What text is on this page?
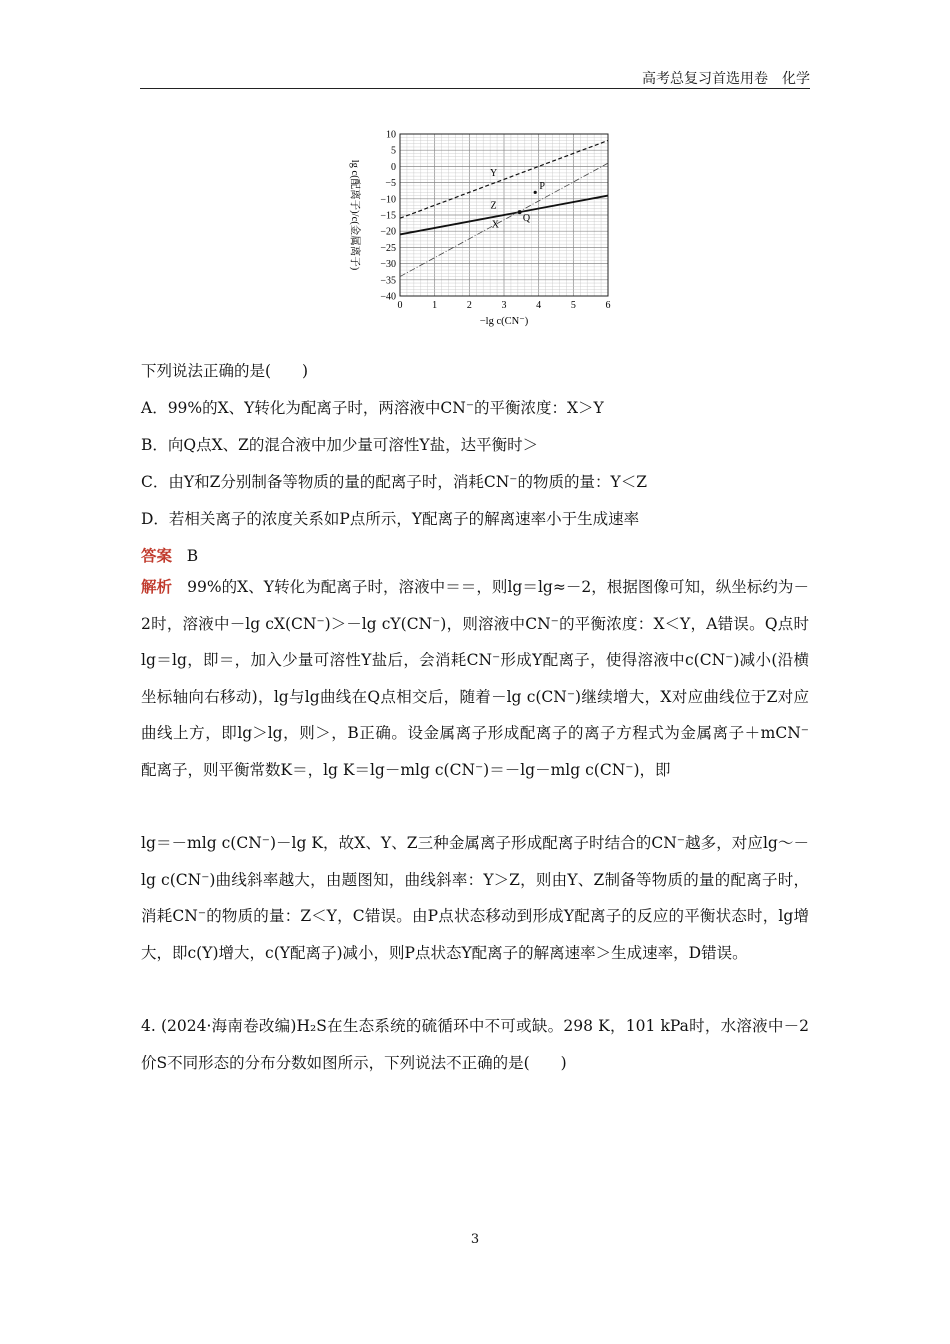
高考总复习首选用卷　化学
0	1	2	3	4	5	6
10
5
0
−5
−10
−15
−20
−25
−30
−35
−40
−lg c(CN⁻)
lg c(配离子)/c(金属离子)	Y
P
Z
Q
X
下列说法正确的是(　　)
A．99%的X、Y转化为配离子时，两溶液中CN⁻的平衡浓度：X＞Y
B．向Q点X、Z的混合液中加少量可溶性Y盐，达平衡时＞
C．由Y和Z分别制备等物质的量的配离子时，消耗CN⁻的物质的量：Y＜Z
D．若相关离子的浓度关系如P点所示，Y配离子的解离速率小于生成速率
答案 B
解析 99%的X、Y转化为配离子时，溶液中＝＝，则lg＝lg≈－2，根据图像可知，纵坐标约为－2时，溶液中－lg cX(CN⁻)＞－lg cY(CN⁻)，则溶液中CN⁻的平衡浓度：X＜Y，A错误。Q点时lg＝lg，即＝，加入少量可溶性Y盐后，会消耗CN⁻形成Y配离子，使得溶液中c(CN⁻)减小(沿横坐标轴向右移动)，lg与lg曲线在Q点相交后，随着－lg c(CN⁻)继续增大，X对应曲线位于Z对应曲线上方，即lg＞lg，则＞，B正确。设金属离子形成配离子的离子方程式为金属离子＋mCN⁻　　配离子，则平衡常数K＝，lg K＝lg－mlg c(CN⁻)＝－lg－mlg c(CN⁻)，即
lg＝－mlg c(CN⁻)－lg K，故X、Y、Z三种金属离子形成配离子时结合的CN⁻越多，对应lg～－lg c(CN⁻)曲线斜率越大，由题图知，曲线斜率：Y＞Z，则由Y、Z制备等物质的量的配离子时，消耗CN⁻的物质的量：Z＜Y，C错误。由P点状态移动到形成Y配离子的反应的平衡状态时，lg增大，即c(Y)增大，c(Y配离子)减小，则P点状态Y配离子的解离速率＞生成速率，D错误。
4. (2024·海南卷改编)H₂S在生态系统的硫循环中不可或缺。298 K，101 kPa时，水溶液中－2价S不同形态的分布分数如图所示，下列说法不正确的是(　　)
3
